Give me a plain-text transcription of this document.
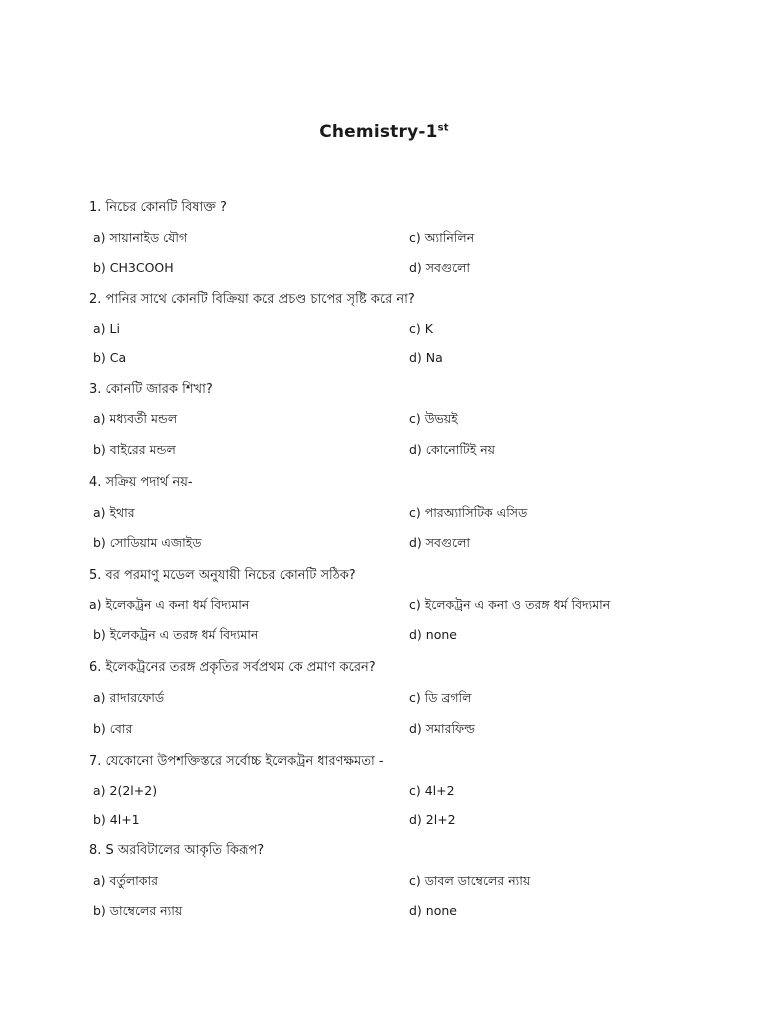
Chemistry-1st
1. নিচের কোনটি বিষাক্ত ?
a) সায়ানাইড যৌগ	c) অ্যানিলিন
b) CH3COOH	d) সবগুলো
2. পানির সাথে কোনটি বিক্রিয়া করে প্রচণ্ড চাপের সৃষ্টি করে না?
a) Li	c) K
b) Ca	d) Na
3. কোনটি জারক শিখা?
a) মধ্যবর্তী মন্ডল	c) উভয়ই
b) বাইরের মন্ডল	d) কোনোটিই নয়
4. সক্রিয় পদার্থ নয়-
a) ইথার	c) পারঅ্যাসিটিক এসিড
b) সোডিয়াম এজাইড	d) সবগুলো
5. বর পরমাণু মডেল অনুযায়ী নিচের কোনটি সঠিক?
a) ইলেকট্রন এ কনা ধর্ম বিদ্যমান	c) ইলেকট্রন এ কনা ও তরঙ্গ ধর্ম বিদ্যমান
b) ইলেকট্রন এ তরঙ্গ ধর্ম বিদ্যমান	d) none
6. ইলেকট্রনের তরঙ্গ প্রকৃতির সর্বপ্রথম কে প্রমাণ করেন?
a) রাদারফোর্ড	c) ডি ব্রগলি
b) বোর	d) সমারফিল্ড
7. যেকোনো উপশক্তিস্তরে সর্বোচ্চ ইলেকট্রন ধারণক্ষমতা -
a) 2(2l+2)	c) 4l+2
b) 4l+1	d) 2l+2
8. S অরবিটালের আকৃতি কিরূপ?
a) বর্তুলাকার	c) ডাবল ডাম্বেলের ন্যায়
b) ডাম্বেলের ন্যায়	d) none
